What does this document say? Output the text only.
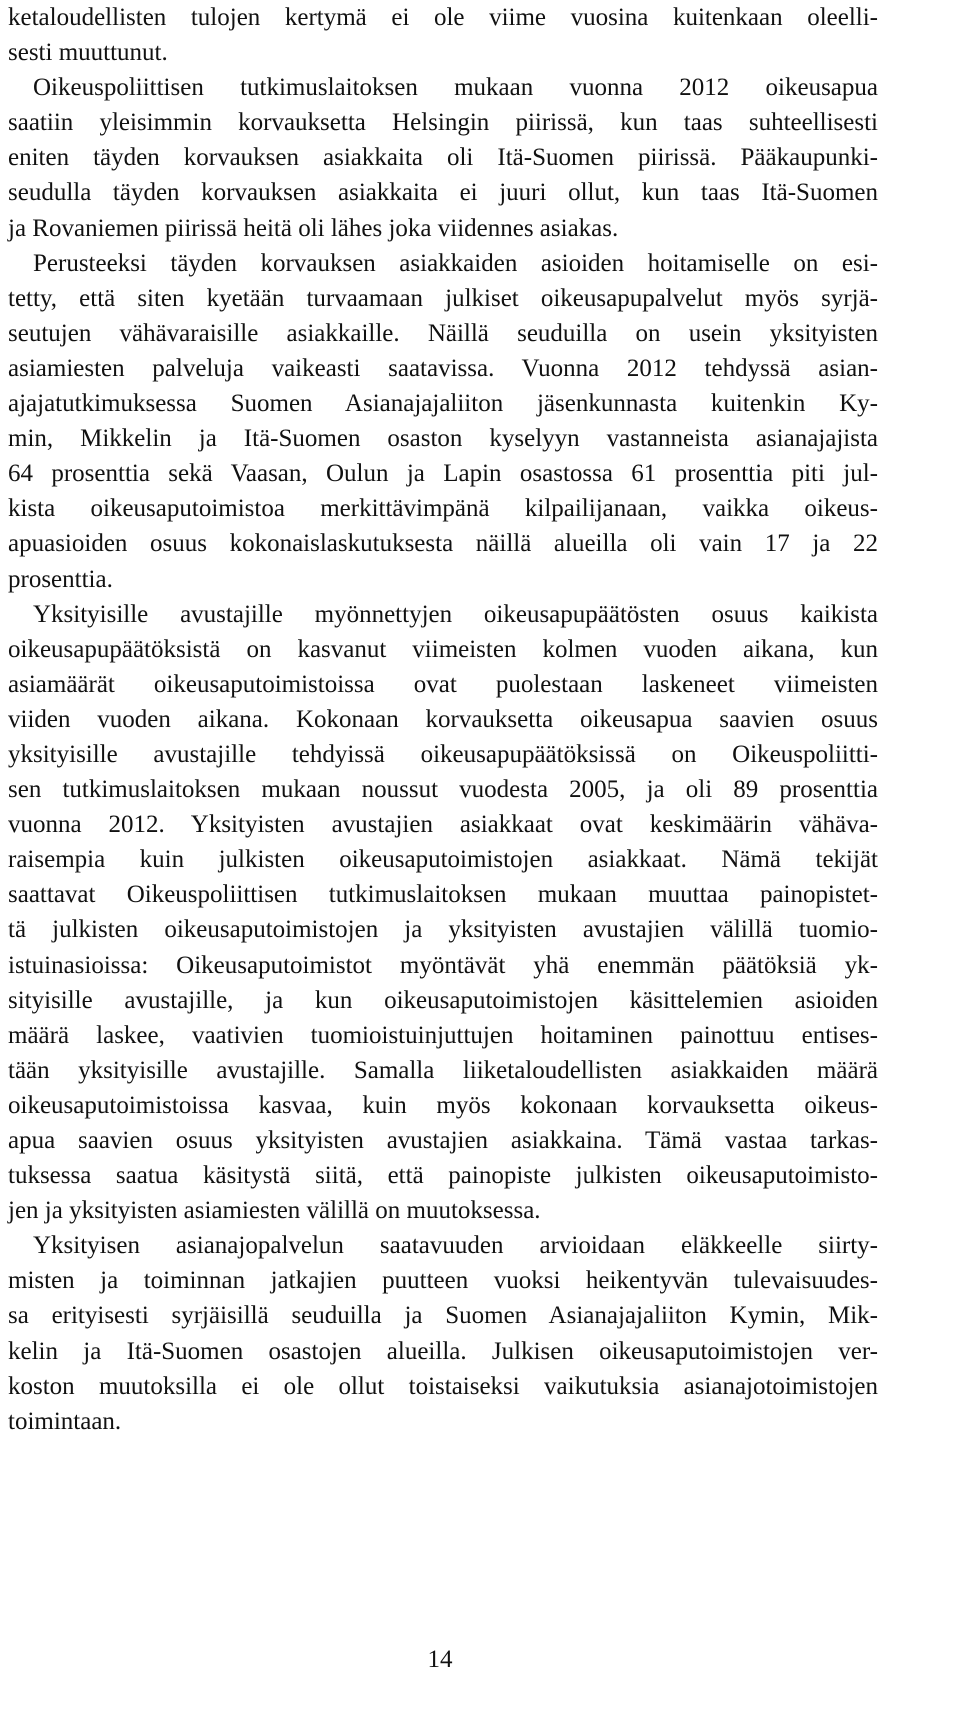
ketaloudellisten tulojen kertymä ei ole viime vuosina kuitenkaan oleelli-
sesti muuttunut.
 Oikeuspoliittisen tutkimuslaitoksen mukaan vuonna 2012 oikeusapua
saatiin yleisimmin korvauksetta Helsingin piirissä, kun taas suhteellisesti
eniten täyden korvauksen asiakkaita oli Itä-Suomen piirissä. Pääkaupunki-
seudulla täyden korvauksen asiakkaita ei juuri ollut, kun taas Itä-Suomen
ja Rovaniemen piirissä heitä oli lähes joka viidennes asiakas.
 Perusteeksi täyden korvauksen asiakkaiden asioiden hoitamiselle on esi-
tetty, että siten kyetään turvaamaan julkiset oikeusapupalvelut myös syrjä-
seutujen vähävaraisille asiakkaille. Näillä seuduilla on usein yksityisten
asiamiesten palveluja vaikeasti saatavissa. Vuonna 2012 tehdyssä asian-
ajajatutkimuksessa Suomen Asianajajaliiton jäsenkunnasta kuitenkin Ky-
min, Mikkelin ja Itä-Suomen osaston kyselyyn vastanneista asianajajista
64 prosenttia sekä Vaasan, Oulun ja Lapin osastossa 61 prosenttia piti jul-
kista oikeusaputoimistoa merkittävimpänä kilpailijanaan, vaikka oikeus-
apuasioiden osuus kokonaislaskutuksesta näillä alueilla oli vain 17 ja 22
prosenttia.
 Yksityisille avustajille myönnettyjen oikeusapupäätösten osuus kaikista
oikeusapupäätöksistä on kasvanut viimeisten kolmen vuoden aikana, kun
asiamäärät oikeusaputoimistoissa ovat puolestaan laskeneet viimeisten
viiden vuoden aikana. Kokonaan korvauksetta oikeusapua saavien osuus
yksityisille avustajille tehdyissä oikeusapupäätöksissä on Oikeuspoliitti-
sen tutkimuslaitoksen mukaan noussut vuodesta 2005, ja oli 89 prosenttia
vuonna 2012. Yksityisten avustajien asiakkaat ovat keskimäärin vähäva-
raisempia kuin julkisten oikeusaputoimistojen asiakkaat. Nämä tekijät
saattavat Oikeuspoliittisen tutkimuslaitoksen mukaan muuttaa painopistet-
tä julkisten oikeusaputoimistojen ja yksityisten avustajien välillä tuomio-
istuinasioissa: Oikeusaputoimistot myöntävät yhä enemmän päätöksiä yk-
sityisille avustajille, ja kun oikeusaputoimistojen käsittelemien asioiden
määrä laskee, vaativien tuomioistuinjuttujen hoitaminen painottuu entises-
tään yksityisille avustajille. Samalla liiketaloudellisten asiakkaiden määrä
oikeusaputoimistoissa kasvaa, kuin myös kokonaan korvauksetta oikeus-
apua saavien osuus yksityisten avustajien asiakkaina. Tämä vastaa tarkas-
tuksessa saatua käsitystä siitä, että painopiste julkisten oikeusaputoimisto-
jen ja yksityisten asiamiesten välillä on muutoksessa.
 Yksityisen asianajopalvelun saatavuuden arvioidaan eläkkeelle siirty-
misten ja toiminnan jatkajien puutteen vuoksi heikentyvän tulevaisuudes-
sa erityisesti syrjäisillä seuduilla ja Suomen Asianajajaliiton Kymin, Mik-
kelin ja Itä-Suomen osastojen alueilla. Julkisen oikeusaputoimistojen ver-
koston muutoksilla ei ole ollut toistaiseksi vaikutuksia asianajotoimistojen
toimintaan.
14
